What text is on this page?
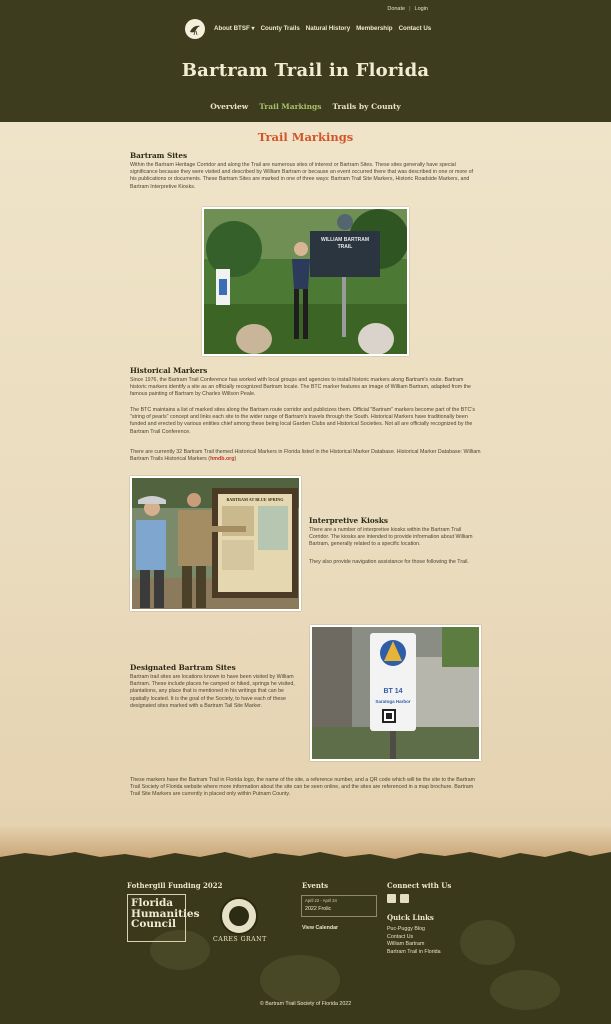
Donate | Login
About BTSF ▾ County Trails Natural History Membership Contact Us
Bartram Trail in Florida
Overview Trail Markings Trails by County
Trail Markings
Bartram Sites
Within the Bartram Heritage Corridor and along the Trail are numerous sites of interest or Bartram Sites. These sites generally have special significance because they were visited and described by William Bartram or because an event occurred there that was described in one or more of his publications or documents. These Bartram Sites are marked in one of three ways: Bartram Trail Site Markers, Historic Roadside Markers, and Bartram Interpretive Kiosks.
WILLIAM BARTRAM
TRAIL
Historical Markers
Since 1976, the Bartram Trail Conference has worked with local groups and agencies to install historic markers along Bartram's route. Bartram historic markers identify a site as an officially recognized Bartram locale. The BTC marker features an image of William Bartram, adapted from the famous painting of Bartram by Charles Willson Peale.
The BTC maintains a list of marked sites along the Bartram route corridor and publicizes them. Official "Bartram" markers become part of the BTC's "string of pearls" concept and links each site to the wider range of Bartram's travels through the South. Historical Markers have traditionally been funded and erected by various entities chief among these being local Garden Clubs and Historical Societies. Not all are officially recognized by the Bartram Trail Conference.
There are currently 32 Bartram Trail themed Historical Markers in Florida listed in the Historical Marker Database. Historical Marker Database: William Bartram Trails Historical Markers (hmdb.org)
BARTRAM AT BLUE SPRING
Interpretive Kiosks
There are a number of interpretive kiosks within the Bartram Trail Corridor. The kiosks are intended to provide information about William Bartram, generally related to a specific location.
They also provide navigation assistance for those following the Trail.
BT 14
Saratoga Harbor
Designated Bartram Sites
Bartram trail sites are locations known to have been visited by William Bartram. These include places he camped or hiked, springs he visited, plantations, any place that is mentioned in his writings that can be spatially located. It is the goal of the Society, to have each of these designated sites marked with a Bartram Tail Site Marker.
These markers have the Bartram Trail in Florida logo, the name of the site, a reference number, and a QR code which will tie the site to the Bartram Trail Society of Florida website where more information about the site can be seen online, and the sites are referenced in a map brochure. Bartram Trail Site Markers are currently in placed only within Putnam County.
Fothergill Funding 2022
Florida
Humanities
Council
CARES GRANT
Events
April 22 - April 24
2022 Frolic
View Calendar
Connect with Us
Quick Links
Puc-Puggy Blog
Contact Us
William Bartram
Bartram Trail in Florida
© Bartram Trail Society of Florida 2022
